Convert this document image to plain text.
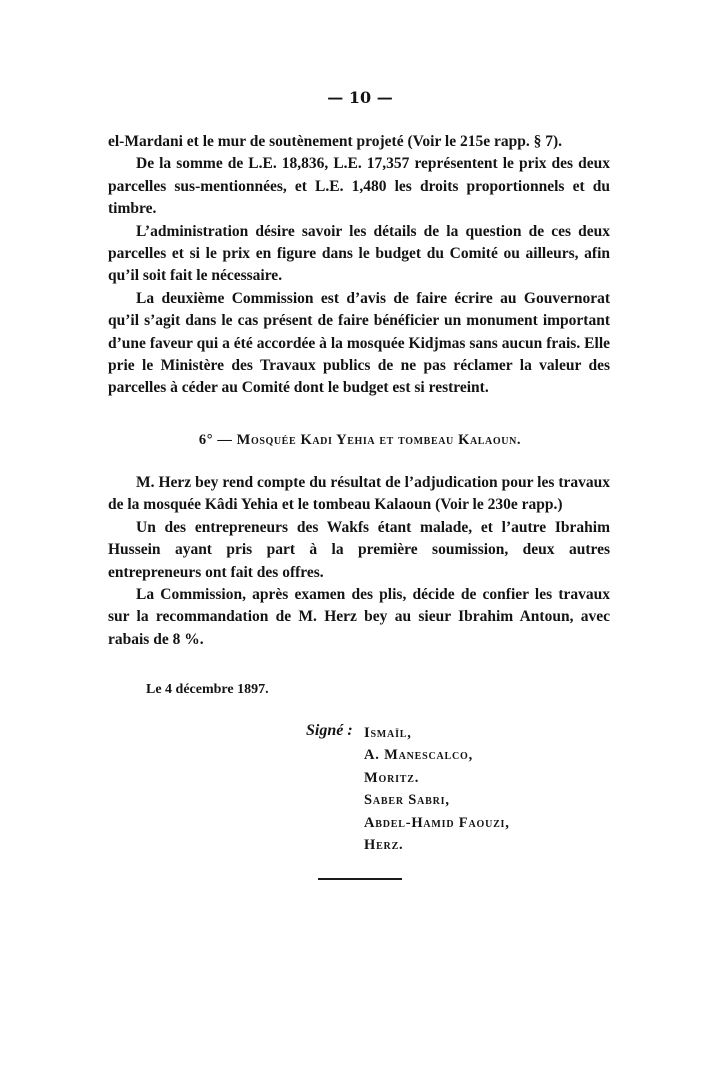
— 10 —

el-Mardani et le mur de soutènement projeté (Voir le 215e rapp. § 7).

De la somme de L.E. 18,836, L.E. 17,357 représentent le prix des deux parcelles sus-mentionnées, et L.E. 1,480 les droits proportionnels et du timbre.

L’administration désire savoir les détails de la question de ces deux parcelles et si le prix en figure dans le budget du Comité ou ailleurs, afin qu’il soit fait le nécessaire.

La deuxième Commission est d’avis de faire écrire au Gouvernorat qu’il s’agit dans le cas présent de faire bénéficier un monument important d’une faveur qui a été accordée à la mosquée Kidjmas sans aucun frais. Elle prie le Ministère des Travaux publics de ne pas réclamer la valeur des parcelles à céder au Comité dont le budget est si restreint.

6° — Mosquée Kadi Yehia et tombeau Kalaoun.

M. Herz bey rend compte du résultat de l’adjudication pour les travaux de la mosquée Kâdi Yehia et le tombeau Kalaoun (Voir le 230e rapp.)

Un des entrepreneurs des Wakfs étant malade, et l’autre Ibrahim Hussein ayant pris part à la première soumission, deux autres entrepreneurs ont fait des offres.

La Commission, après examen des plis, décide de confier les travaux sur la recommandation de M. Herz bey au sieur Ibrahim Antoun, avec rabais de 8 %.

Le 4 décembre 1897.
Signé : Ismaïl,
A. Manescalco,
Moritz.
Saber Sabri,
Abdel-Hamid Faouzi,
Herz.
